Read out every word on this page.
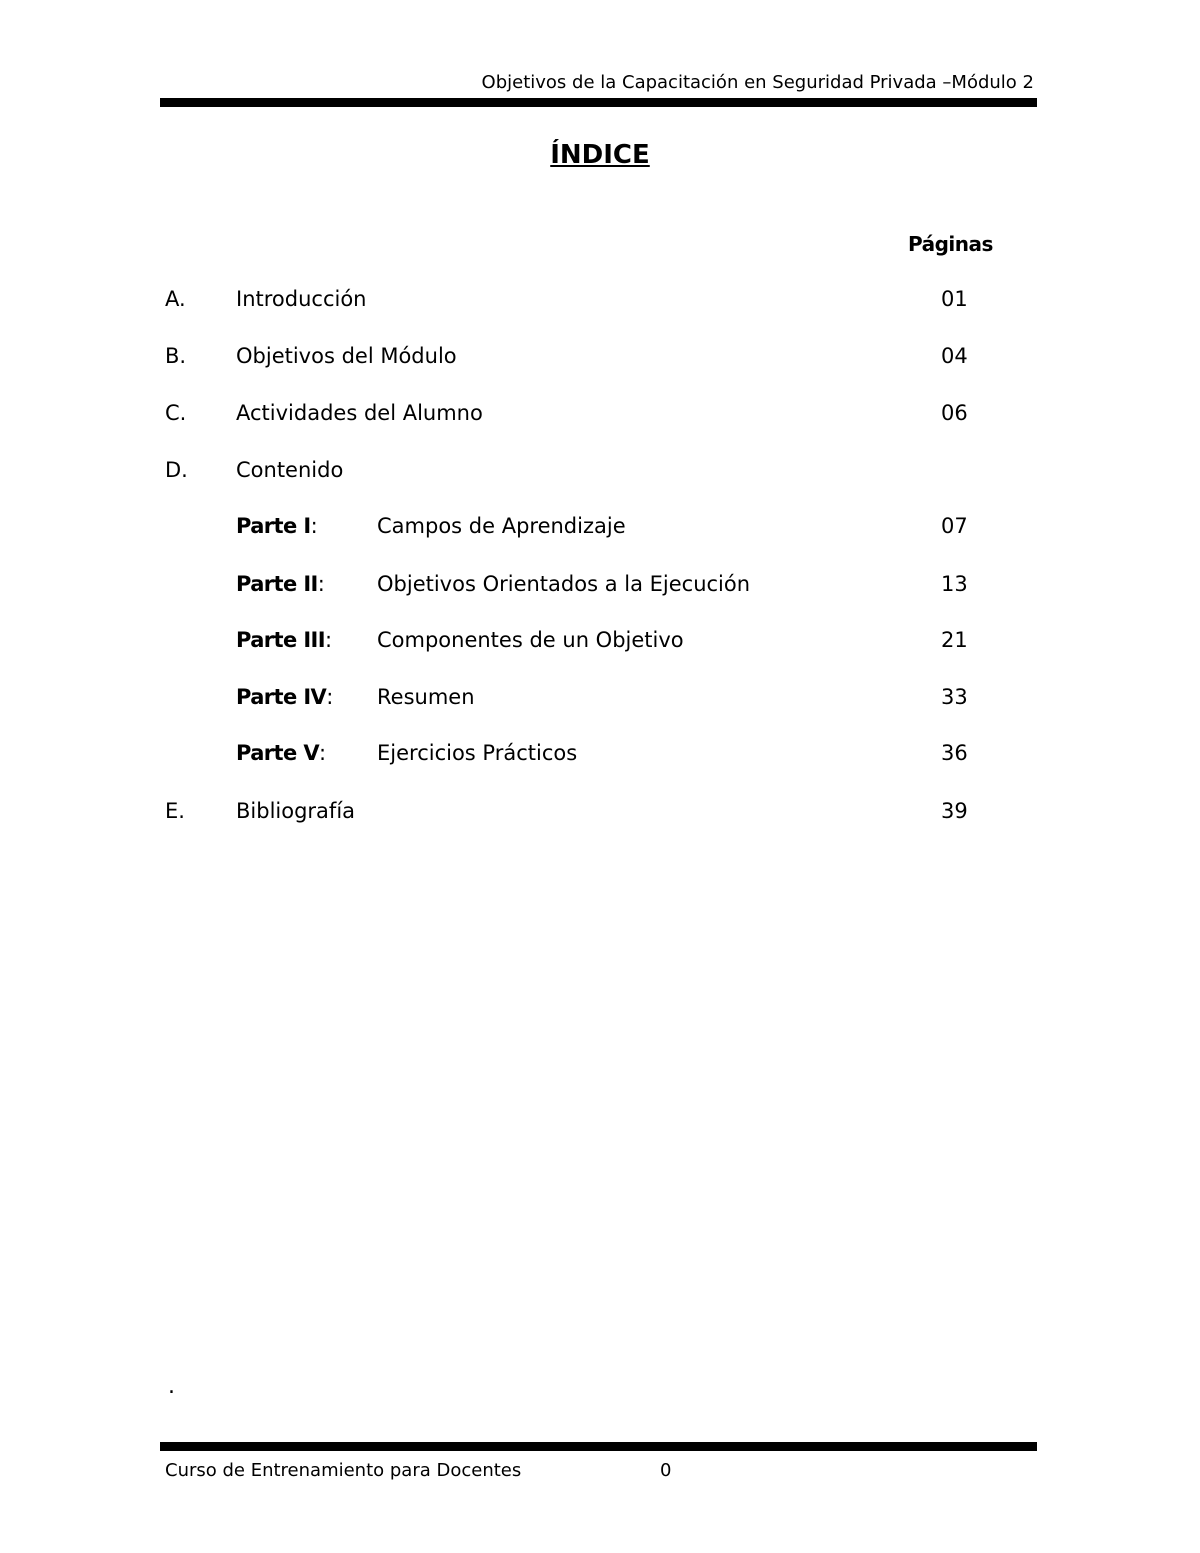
Objetivos de la Capacitación en Seguridad Privada –Módulo 2
ÍNDICE
Páginas
A. Introducción	01
B. Objetivos del Módulo	04
C. Actividades del Alumno	06
D. Contenido
Parte I:	Campos de Aprendizaje	07
Parte II: Objetivos Orientados a la Ejecución	13
Parte III: Componentes de un Objetivo	21
Parte IV: Resumen	33
Parte V: Ejercicios Prácticos	36
E. Bibliografía	39
.
Curso de Entrenamiento para Docentes	0
